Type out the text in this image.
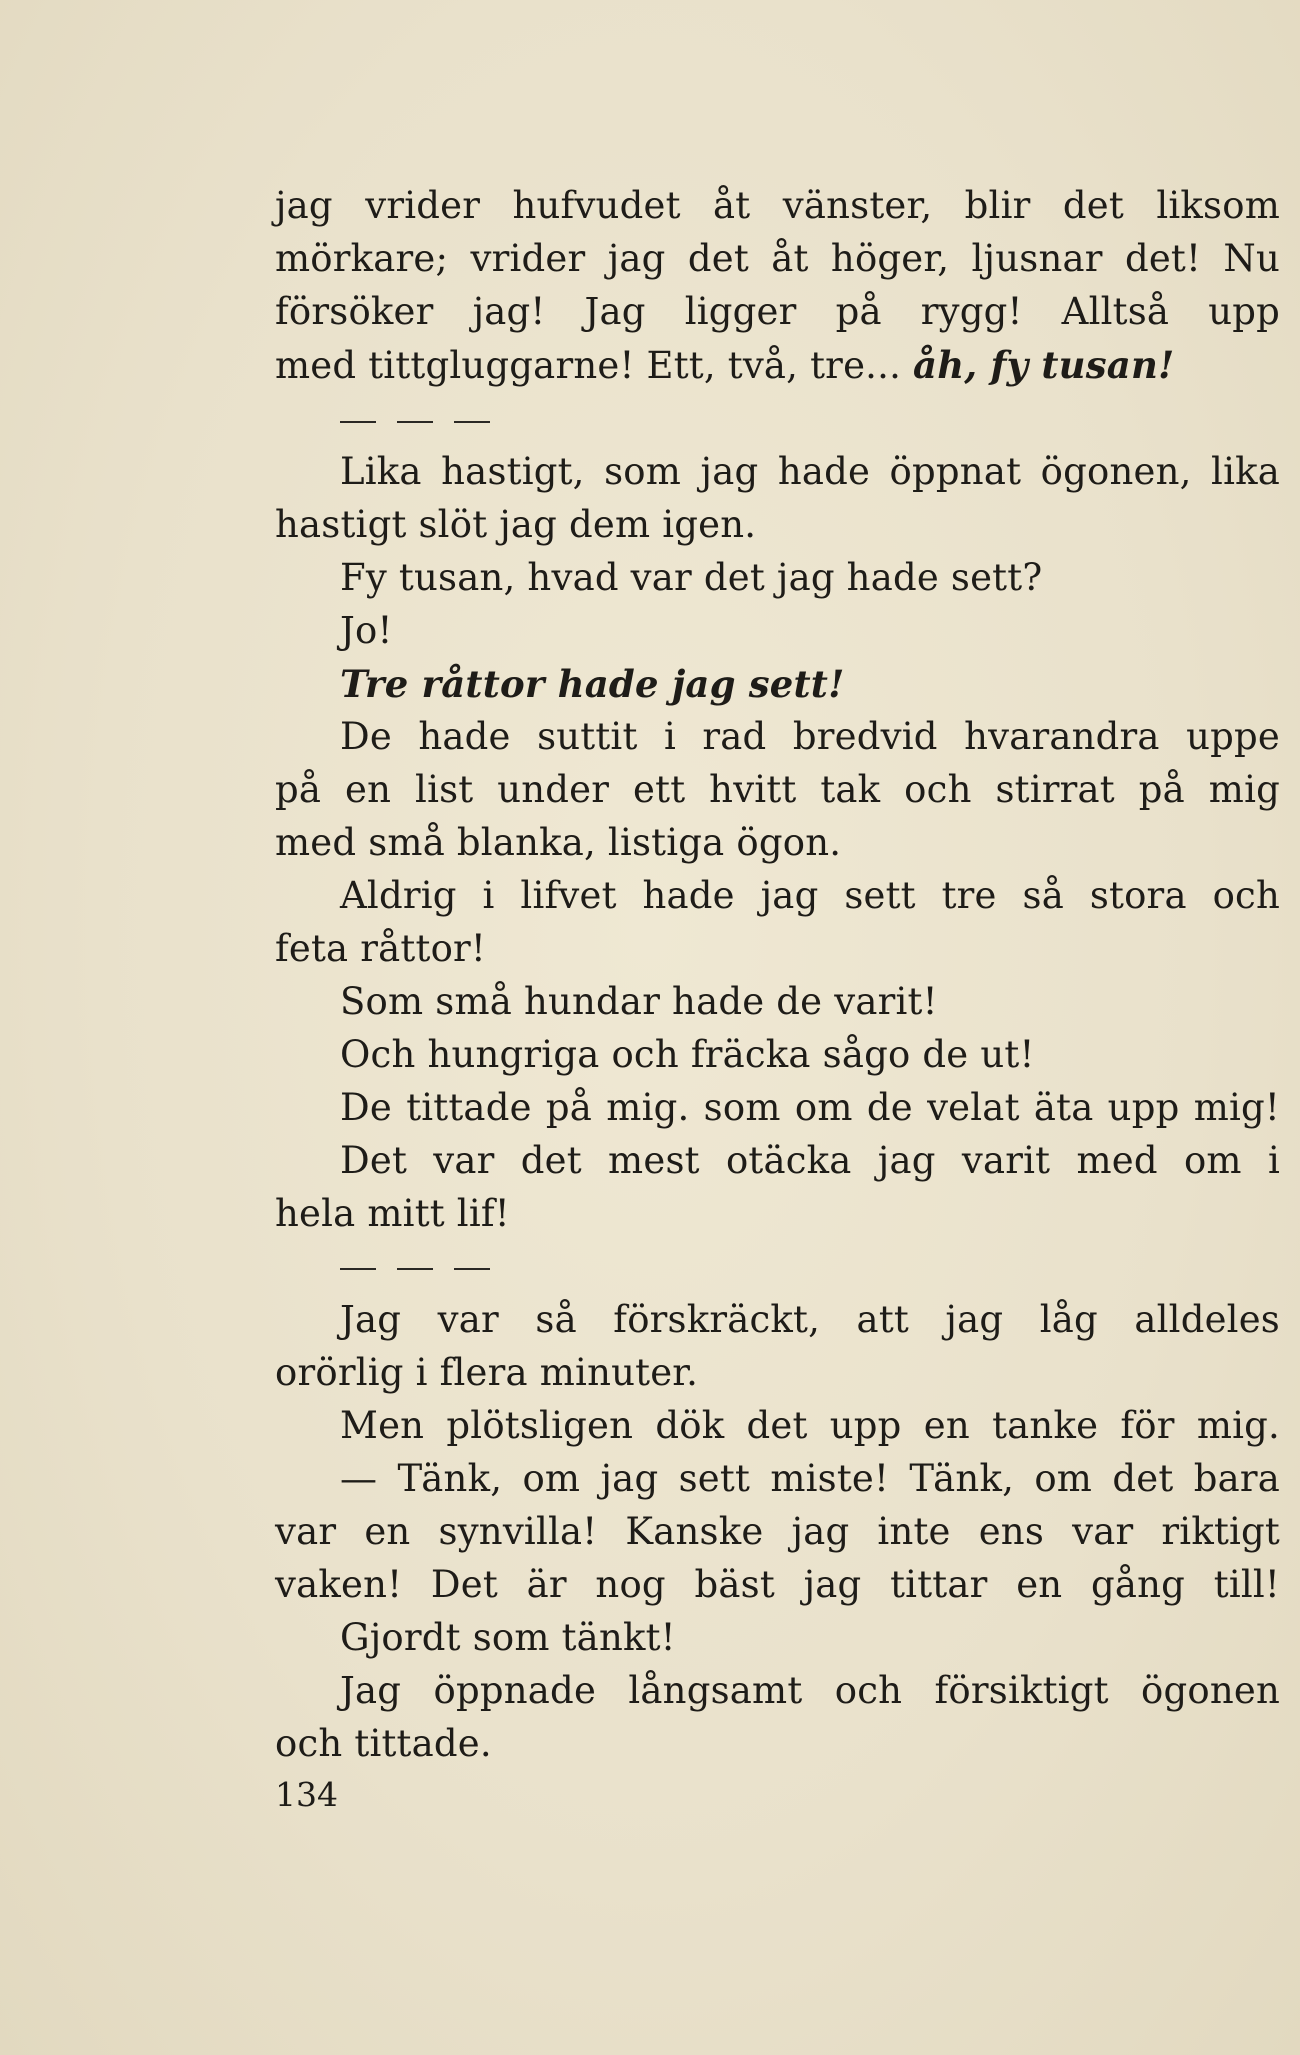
jag vrider hufvudet åt vänster, blir det liksom
mörkare; vrider jag det åt höger, ljusnar det! Nu
försöker jag! Jag ligger på rygg! Alltså upp
med tittgluggarne! Ett, två, tre... åh, fy tusan!
Lika hastigt, som jag hade öppnat ögonen, lika
hastigt slöt jag dem igen.
Fy tusan, hvad var det jag hade sett?
Jo!
Tre råttor hade jag sett!
De hade suttit i rad bredvid hvarandra uppe
på en list under ett hvitt tak och stirrat på mig
med små blanka, listiga ögon.
Aldrig i lifvet hade jag sett tre så stora och
feta råttor!
Som små hundar hade de varit!
Och hungriga och fräcka sågo de ut!
De tittade på mig. som om de velat äta upp mig!
Det var det mest otäcka jag varit med om i
hela mitt lif!
Jag var så förskräckt, att jag låg alldeles
orörlig i flera minuter.
Men plötsligen dök det upp en tanke för mig.
— Tänk, om jag sett miste! Tänk, om det bara
var en synvilla! Kanske jag inte ens var riktigt
vaken! Det är nog bäst jag tittar en gång till!
Gjordt som tänkt!
Jag öppnade långsamt och försiktigt ögonen
och tittade.
134
